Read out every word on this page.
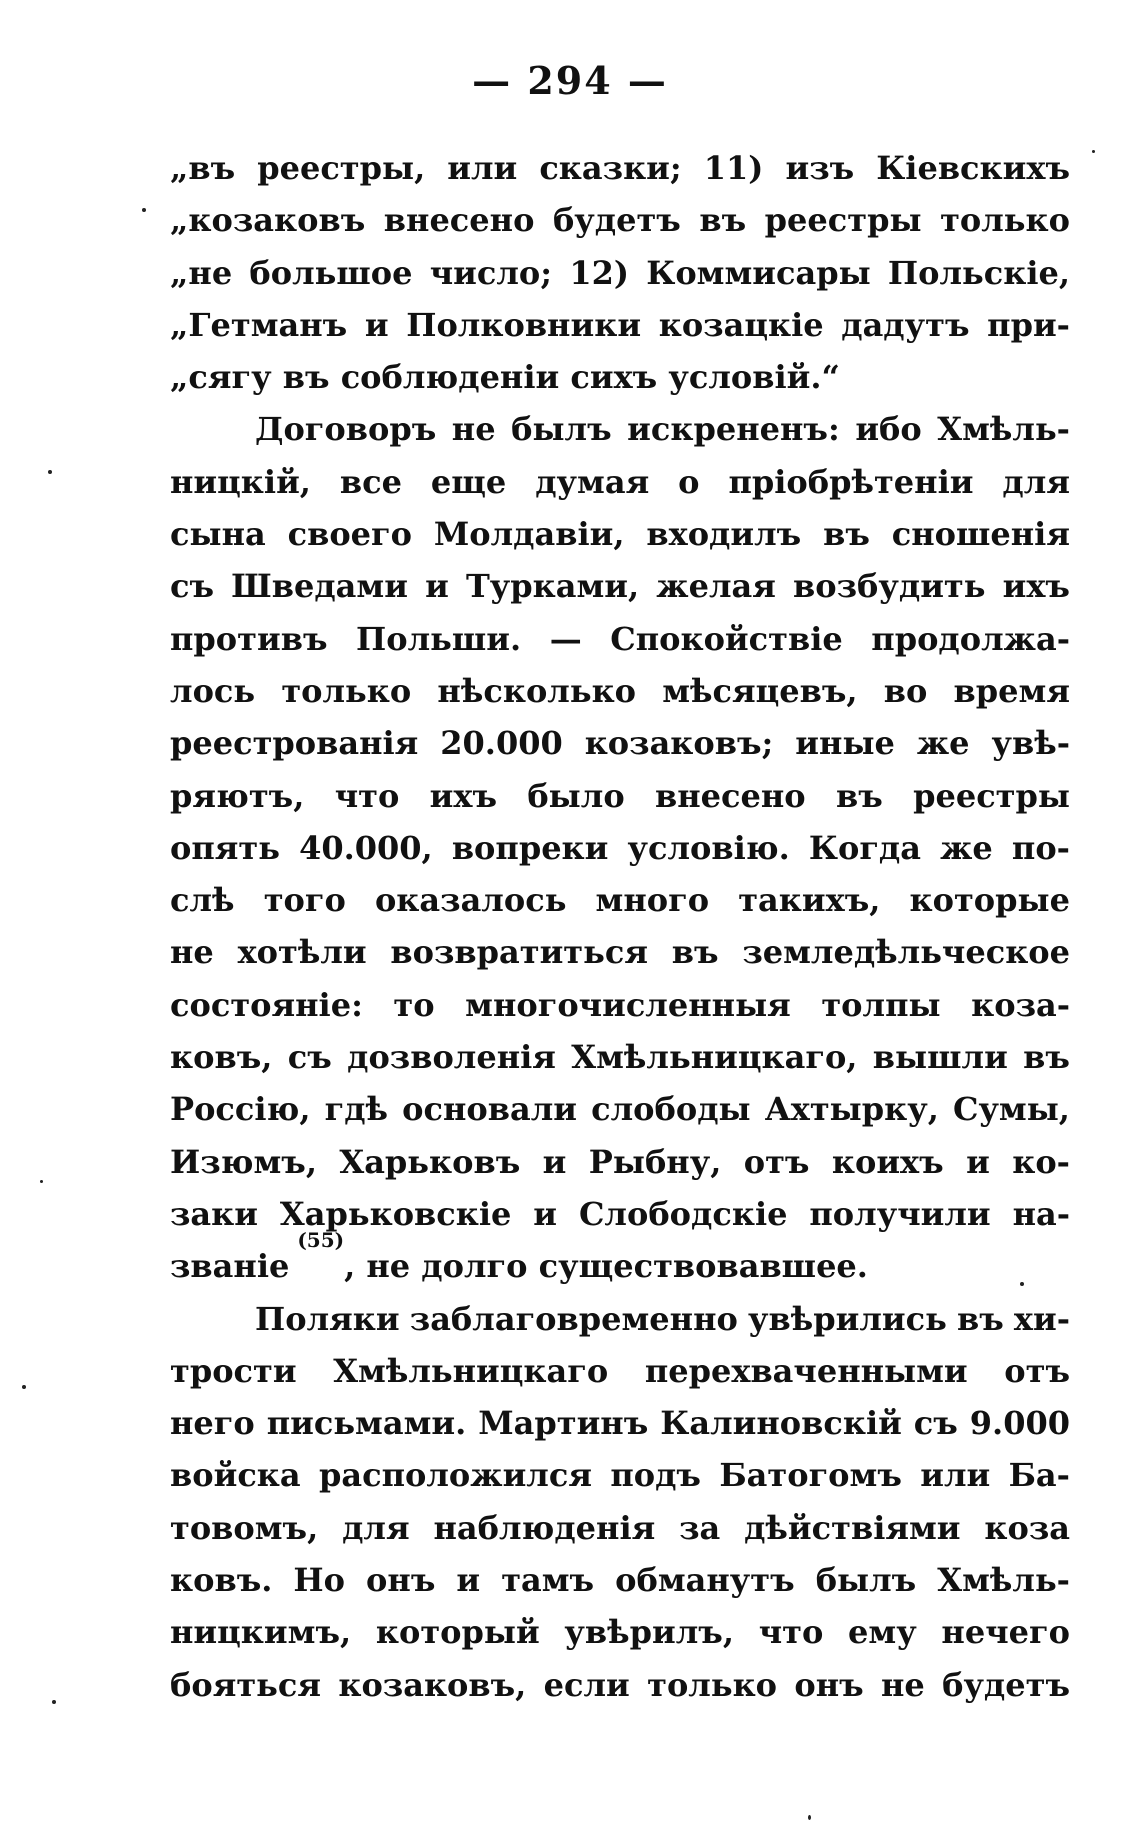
— 294 —
„въ реестры, или сказки; 11) изъ Кіевскихъ
„козаковъ внесено будетъ въ реестры только
„не большое число; 12) Коммисары Польскіе,
„Гетманъ и Полковники козацкіе дадутъ при-
„сягу въ соблюденіи сихъ условій.“
Договоръ не былъ искрененъ: ибо Хмѣль-
ницкій, все еще думая о пріобрѣтеніи для
сына своего Молдавіи, входилъ въ сношенія
съ Шведами и Турками, желая возбудить ихъ
противъ Польши. — Спокойствіе продолжа-
лось только нѣсколько мѣсяцевъ, во время
реестрованія 20.000 козаковъ; иные же увѣ-
ряютъ, что ихъ было внесено въ реестры
опять 40.000, вопреки условію. Когда же по-
слѣ того оказалось много такихъ, которые
не хотѣли возвратиться въ земледѣльческое
состояніе: то многочисленныя толпы коза-
ковъ, съ дозволенія Хмѣльницкаго, вышли въ
Россію, гдѣ основали слободы Ахтырку, Сумы,
Изюмъ, Харьковъ и Рыбну, отъ коихъ и ко-
заки Харьковскіе и Слободскіе получили на-
званіе
(55)
, не долго существовавшее.
Поляки заблаговременно увѣрились въ хи-
трости Хмѣльницкаго перехваченными отъ
него письмами. Мартинъ Калиновскій съ 9.000
войска расположился подъ Батогомъ или Ба-
товомъ, для наблюденія за дѣйствіями коза
ковъ. Но онъ и тамъ обманутъ былъ Хмѣль-
ницкимъ, который увѣрилъ, что ему нечего
бояться козаковъ, если только онъ не будетъ
